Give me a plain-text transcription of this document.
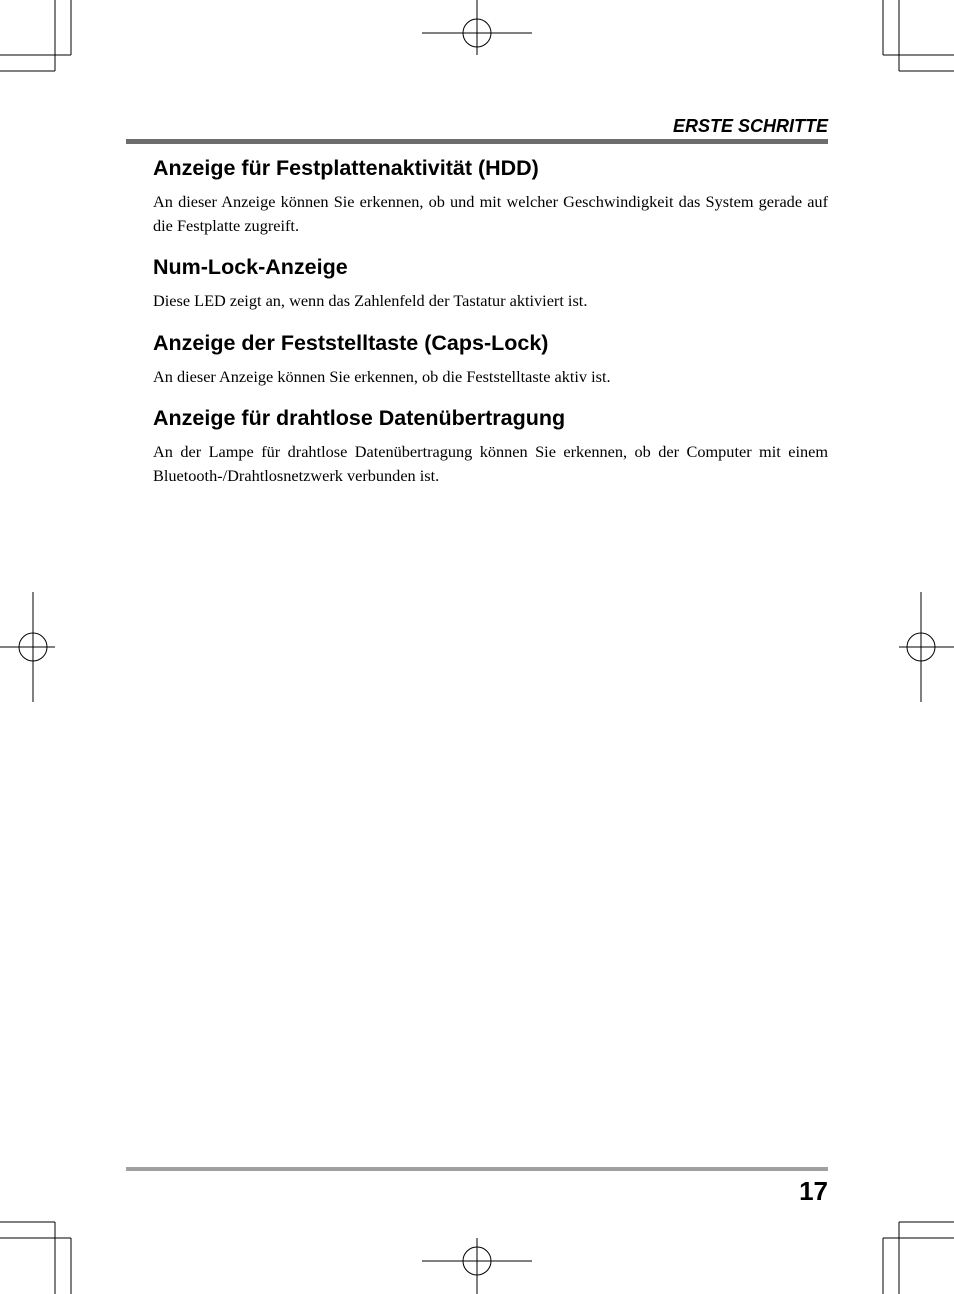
ERSTE SCHRITTE
Anzeige für Festplattenaktivität (HDD)

An dieser Anzeige können Sie erkennen, ob und mit welcher Geschwindigkeit das System gerade auf die Festplatte zugreift.

Num-Lock-Anzeige

Diese LED zeigt an, wenn das Zahlenfeld der Tastatur aktiviert ist.

Anzeige der Feststelltaste (Caps-Lock)

An dieser Anzeige können Sie erkennen, ob die Feststelltaste aktiv ist.

Anzeige für drahtlose Datenübertragung

An der Lampe für drahtlose Datenübertragung können Sie erkennen, ob der Computer mit einem Bluetooth-/Drahtlosnetzwerk verbunden ist.

17
